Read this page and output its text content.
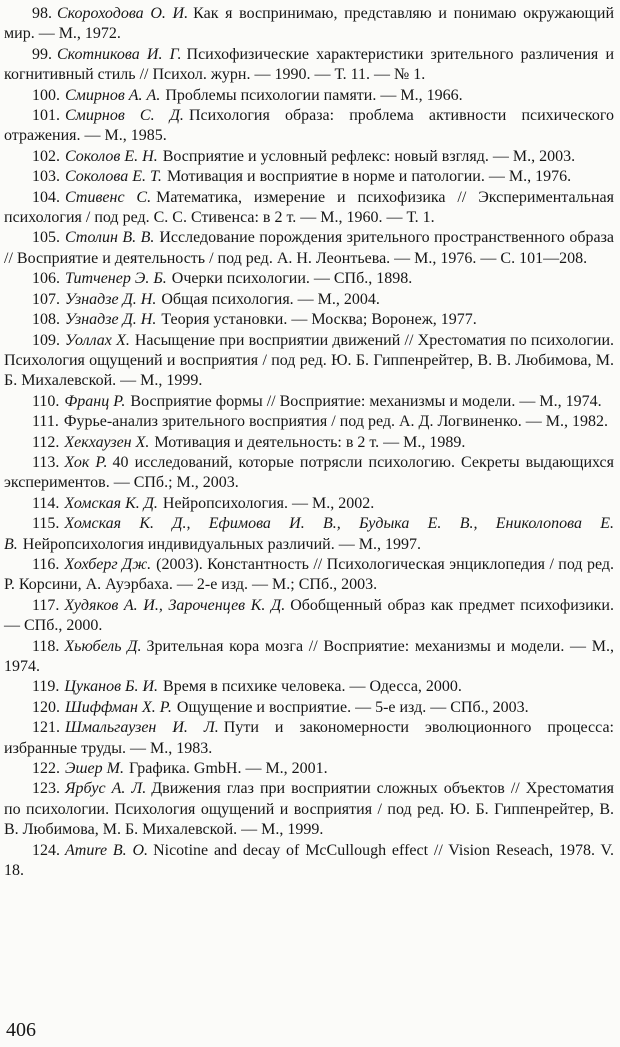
98. Скороходова О. И. Как я воспринимаю, представляю и понимаю окружающий мир. — М., 1972.

99. Скотникова И. Г. Психофизические характеристики зрительного различения и когнитивный стиль // Психол. журн. — 1990. — Т. 11. — № 1.

100. Смирнов А. А. Проблемы психологии памяти. — М., 1966.

101. Смирнов С. Д. Психология образа: проблема активности психического отражения. — М., 1985.

102. Соколов Е. Н. Восприятие и условный рефлекс: новый взгляд. — М., 2003.

103. Соколова Е. Т. Мотивация и восприятие в норме и патологии. — М., 1976.

104. Стивенс С. Математика, измерение и психофизика // Экспериментальная психология / под ред. С. С. Стивенса: в 2 т. — М., 1960. — Т. 1.

105. Столин В. В. Исследование порождения зрительного пространственного образа // Восприятие и деятельность / под ред. А. Н. Леонтьева. — М., 1976. — С. 101—208.

106. Титченер Э. Б. Очерки психологии. — СПб., 1898.

107. Узнадзе Д. Н. Общая психология. — М., 2004.

108. Узнадзе Д. Н. Теория установки. — Москва; Воронеж, 1977.

109. Уоллах Х. Насыщение при восприятии движений // Хрестоматия по психологии. Психология ощущений и восприятия / под ред. Ю. Б. Гиппенрейтер, В. В. Любимова, М. Б. Михалевской. — М., 1999.

110. Франц Р. Восприятие формы // Восприятие: механизмы и модели. — М., 1974.

111. Фурье-анализ зрительного восприятия / под ред. А. Д. Логвиненко. — М., 1982.

112. Хекхаузен Х. Мотивация и деятельность: в 2 т. — М., 1989.

113. Хок Р. 40 исследований, которые потрясли психологию. Секреты выдающихся экспериментов. — СПб.; М., 2003.

114. Хомская К. Д. Нейропсихология. — М., 2002.

115. Хомская К. Д., Ефимова И. В., Будыка Е. В., Ениколопова Е. В. Нейропсихология индивидуальных различий. — М., 1997.

116. Хохберг Дж. (2003). Константность // Психологическая энциклопедия / под ред. Р. Корсини, А. Ауэрбаха. — 2-е изд. — М.; СПб., 2003.

117. Худяков А. И., Зароченцев К. Д. Обобщенный образ как предмет психофизики. — СПб., 2000.

118. Хьюбель Д. Зрительная кора мозга // Восприятие: механизмы и модели. — М., 1974.

119. Цуканов Б. И. Время в психике человека. — Одесса, 2000.

120. Шиффман Х. Р. Ощущение и восприятие. — 5-е изд. — СПб., 2003.

121. Шмальгаузен И. Л. Пути и закономерности эволюционного процесса: избранные труды. — М., 1983.

122. Эшер М. Графика. GmbH. — М., 2001.

123. Ярбус А. Л. Движения глаз при восприятии сложных объектов // Хрестоматия по психологии. Психология ощущений и восприятия / под ред. Ю. Б. Гиппенрейтер, В. В. Любимова, М. Б. Михалевской. — М., 1999.

124. Amure B. O. Nicotine and decay of McCullough effect // Vision Reseach, 1978. V. 18.

406
